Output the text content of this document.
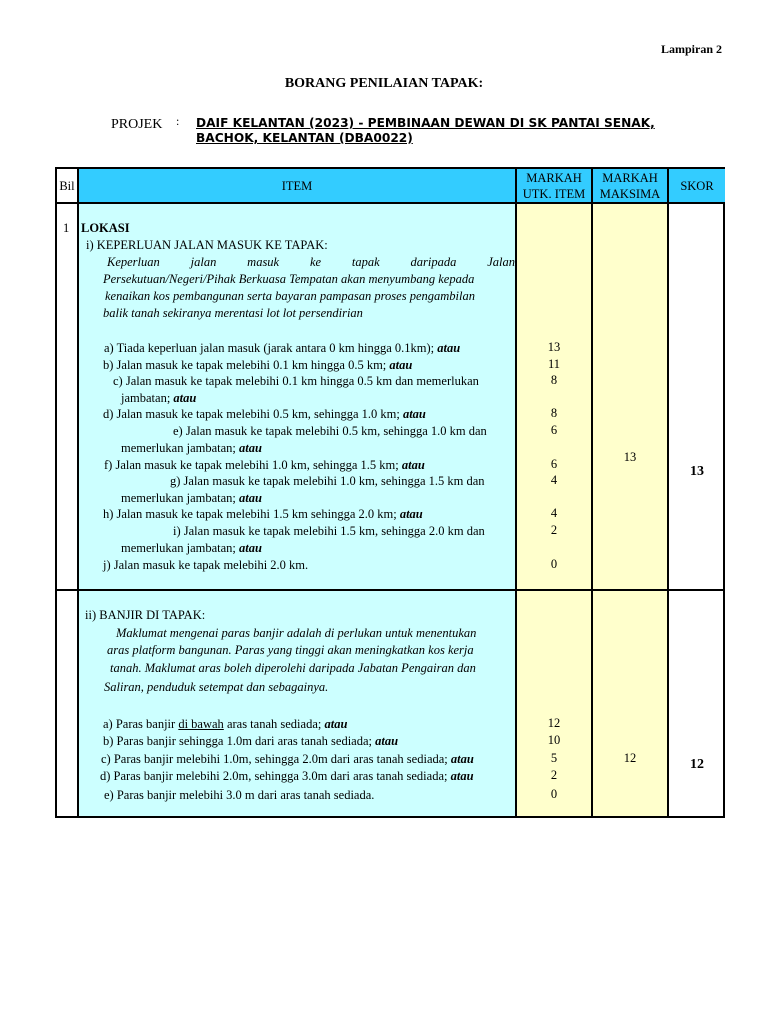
Lampiran 2
BORANG PENILAIAN TAPAK:
PROJEK : DAIF KELANTAN (2023) - PEMBINAAN DEWAN DI SK PANTAI SENAK,
BACHOK, KELANTAN (DBA0022)
Bil	ITEM
MARKAH
UTK. ITEM
MARKAH
MAKSIMA
SKOR
1 LOKASI
i) KEPERLUAN JALAN MASUK KE TAPAK:
Keperluan jalan masuk ke tapak daripada Jalan
Persekutuan/Negeri/Pihak Berkuasa Tempatan akan menyumbang kepada
kenaikan kos pembangunan serta bayaran pampasan proses pengambilan
balik tanah sekiranya merentasi lot lot persendirian
a) Tiada keperluan jalan masuk (jarak antara 0 km hingga 0.1km); atau
b) Jalan masuk ke tapak melebihi 0.1 km hingga 0.5 km; atau
c) Jalan masuk ke tapak melebihi 0.1 km hingga 0.5 km dan memerlukan
jambatan; atau
d) Jalan masuk ke tapak melebihi 0.5 km, sehingga 1.0 km; atau
e) Jalan masuk ke tapak melebihi 0.5 km, sehingga 1.0 km dan
memerlukan jambatan; atau
f) Jalan masuk ke tapak melebihi 1.0 km, sehingga 1.5 km; atau
g) Jalan masuk ke tapak melebihi 1.0 km, sehingga 1.5 km dan
memerlukan jambatan; atau
h) Jalan masuk ke tapak melebihi 1.5 km sehingga 2.0 km; atau
i) Jalan masuk ke tapak melebihi 1.5 km, sehingga 2.0 km dan
memerlukan jambatan; atau
j) Jalan masuk ke tapak melebihi 2.0 km.
13
11
8
8
6
6
4
4
2
0
13
13
ii) BANJIR DI TAPAK:
Maklumat mengenai paras banjir adalah di perlukan untuk menentukan
aras platform bangunan. Paras yang tinggi akan meningkatkan kos kerja
tanah. Maklumat aras boleh diperolehi daripada Jabatan Pengairan dan
Saliran, penduduk setempat dan sebagainya.
a) Paras banjir di bawah aras tanah sediada; atau
b) Paras banjir sehingga 1.0m dari aras tanah sediada; atau
c) Paras banjir melebihi 1.0m, sehingga 2.0m dari aras tanah sediada; atau
d) Paras banjir melebihi 2.0m, sehingga 3.0m dari aras tanah sediada; atau
e) Paras banjir melebihi 3.0 m dari aras tanah sediada.
12
10
5
2
0
12	12
